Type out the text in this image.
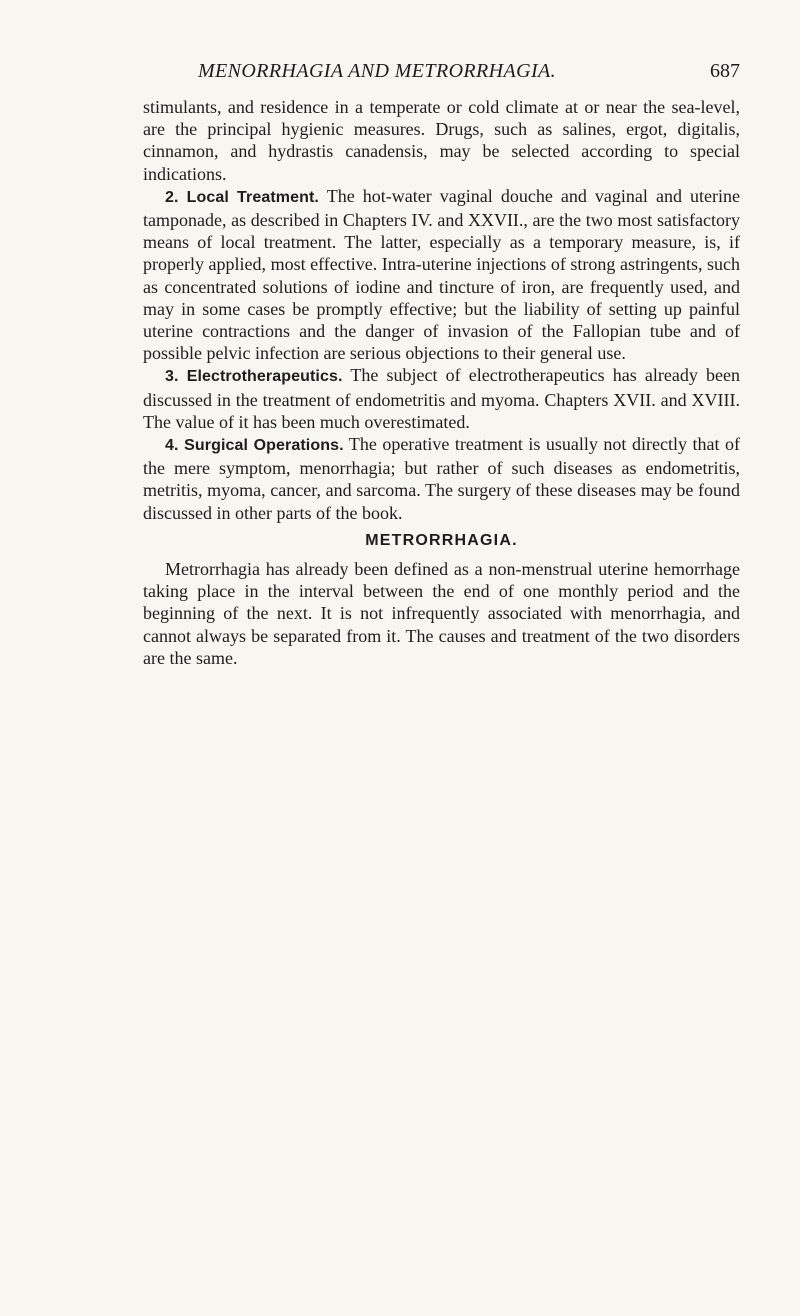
MENORRHAGIA AND METRORRHAGIA.	687

stimulants, and residence in a temperate or cold climate at or near the sea-level, are the principal hygienic measures. Drugs, such as salines, ergot, digitalis, cinnamon, and hydrastis canadensis, may be selected according to special indications.

2. Local Treatment. The hot-water vaginal douche and vaginal and uterine tamponade, as described in Chapters IV. and XXVII., are the two most satisfactory means of local treatment. The latter, especially as a temporary measure, is, if properly applied, most effective. Intra-uterine injections of strong astringents, such as concentrated solutions of iodine and tincture of iron, are frequently used, and may in some cases be promptly effective; but the liability of setting up painful uterine contractions and the danger of invasion of the Fallopian tube and of possible pelvic infection are serious objections to their general use.

3. Electrotherapeutics. The subject of electrotherapeutics has already been discussed in the treatment of endometritis and myoma. Chapters XVII. and XVIII. The value of it has been much overestimated.

4. Surgical Operations. The operative treatment is usually not directly that of the mere symptom, menorrhagia; but rather of such diseases as endometritis, metritis, myoma, cancer, and sarcoma. The surgery of these diseases may be found discussed in other parts of the book.

METRORRHAGIA.

Metrorrhagia has already been defined as a non-menstrual uterine hemorrhage taking place in the interval between the end of one monthly period and the beginning of the next. It is not infrequently associated with menorrhagia, and cannot always be separated from it. The causes and treatment of the two disorders are the same.
